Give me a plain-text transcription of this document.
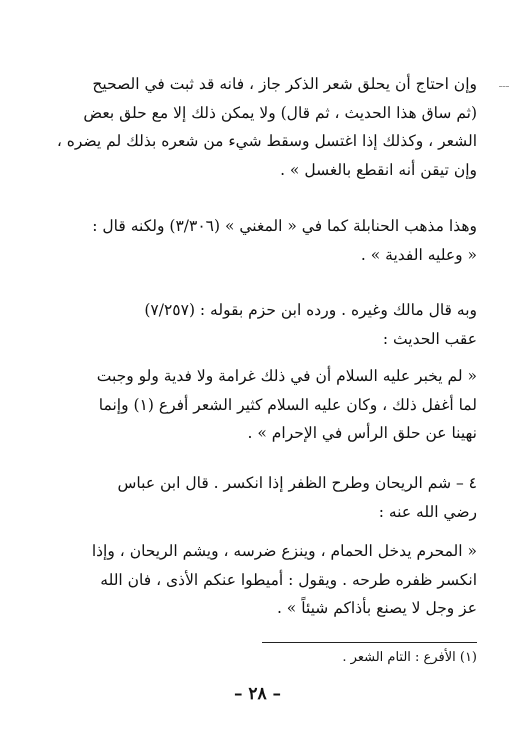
وإن احتاج أن يحلق شعر الذكر جاز ، فانه قد ثبت في الصحيح
(ثم ساق هذا الحديث ، ثم قال) ولا يمكن ذلك إلا مع حلق بعض
الشعر ، وكذلك إذا اغتسل وسقط شيء من شعره بذلك لم يضره ،
وإن تيقن أنه انقطع بالغسل » .
وهذا مذهب الحنابلة كما في « المغني » (٣/٣٠٦) ولكنه قال :
« وعليه الفدية » .
وبه قال مالك وغيره . ورده ابن حزم بقوله : (٧/٢٥٧)
عقب الحديث :
« لم يخبر عليه السلام أن في ذلك غرامة ولا فدية ولو وجبت
لما أغفل ذلك ، وكان عليه السلام كثير الشعر أفرع (١) وإنما
نهينا عن حلق الرأس في الإحرام » .
٤ – شم الريحان وطرح الظفر إذا انكسر . قال ابن عباس
رضي الله عنه :
« المحرم يدخل الحمام ، وينزع ضرسه ، ويشم الريحان ، وإذا
انكسر ظفره طرحه . ويقول : أميطوا عنكم الأذى ، فان الله
عز وجل لا يصنع بأذاكم شيئاً » .
(١) الأفرع : التام الشعر .
– ٢٨ –
